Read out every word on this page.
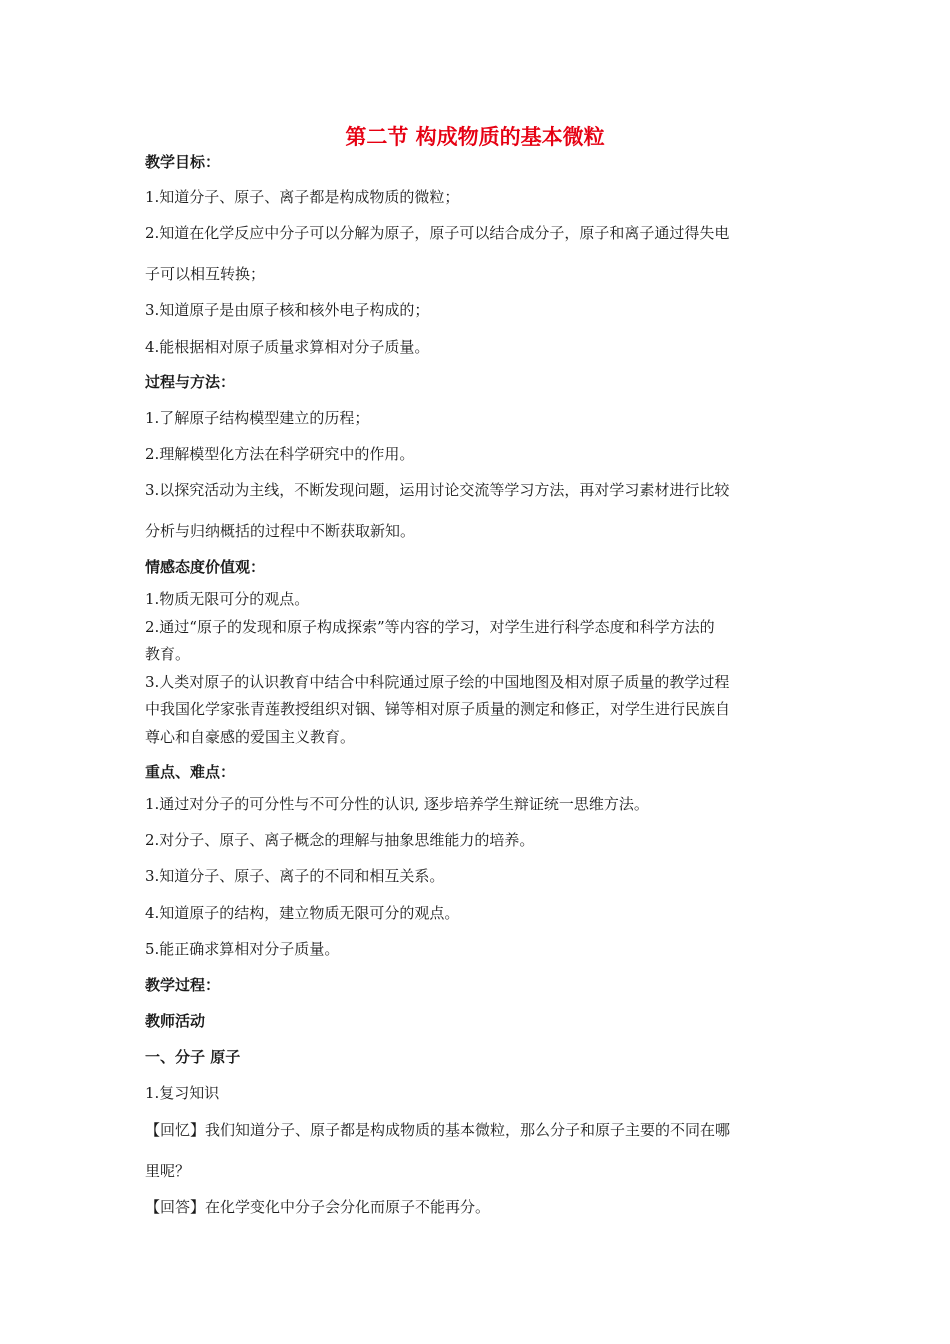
第二节 构成物质的基本微粒
教学目标：
1.知道分子、原子、离子都是构成物质的微粒；
2.知道在化学反应中分子可以分解为原子，原子可以结合成分子，原子和离子通过得失电
子可以相互转换；
3.知道原子是由原子核和核外电子构成的；
4.能根据相对原子质量求算相对分子质量。
过程与方法：
1.了解原子结构模型建立的历程；
2.理解模型化方法在科学研究中的作用。
3.以探究活动为主线，不断发现问题，运用讨论交流等学习方法，再对学习素材进行比较
分析与归纳概括的过程中不断获取新知。
情感态度价值观：
1.物质无限可分的观点。
2.通过“原子的发现和原子构成探索”等内容的学习，对学生进行科学态度和科学方法的
教育。
3.人类对原子的认识教育中结合中科院通过原子绘的中国地图及相对原子质量的教学过程
中我国化学家张青莲教授组织对铟、锑等相对原子质量的测定和修正，对学生进行民族自
尊心和自豪感的爱国主义教育。
重点、难点：
1.通过对分子的可分性与不可分性的认识, 逐步培养学生辩证统一思维方法。
2.对分子、原子、离子概念的理解与抽象思维能力的培养。
3.知道分子、原子、离子的不同和相互关系。
4.知道原子的结构，建立物质无限可分的观点。
5.能正确求算相对分子质量。
教学过程：
教师活动
一、分子 原子
1.复习知识
【回忆】我们知道分子、原子都是构成物质的基本微粒，那么分子和原子主要的不同在哪
里呢？
【回答】在化学变化中分子会分化而原子不能再分。
